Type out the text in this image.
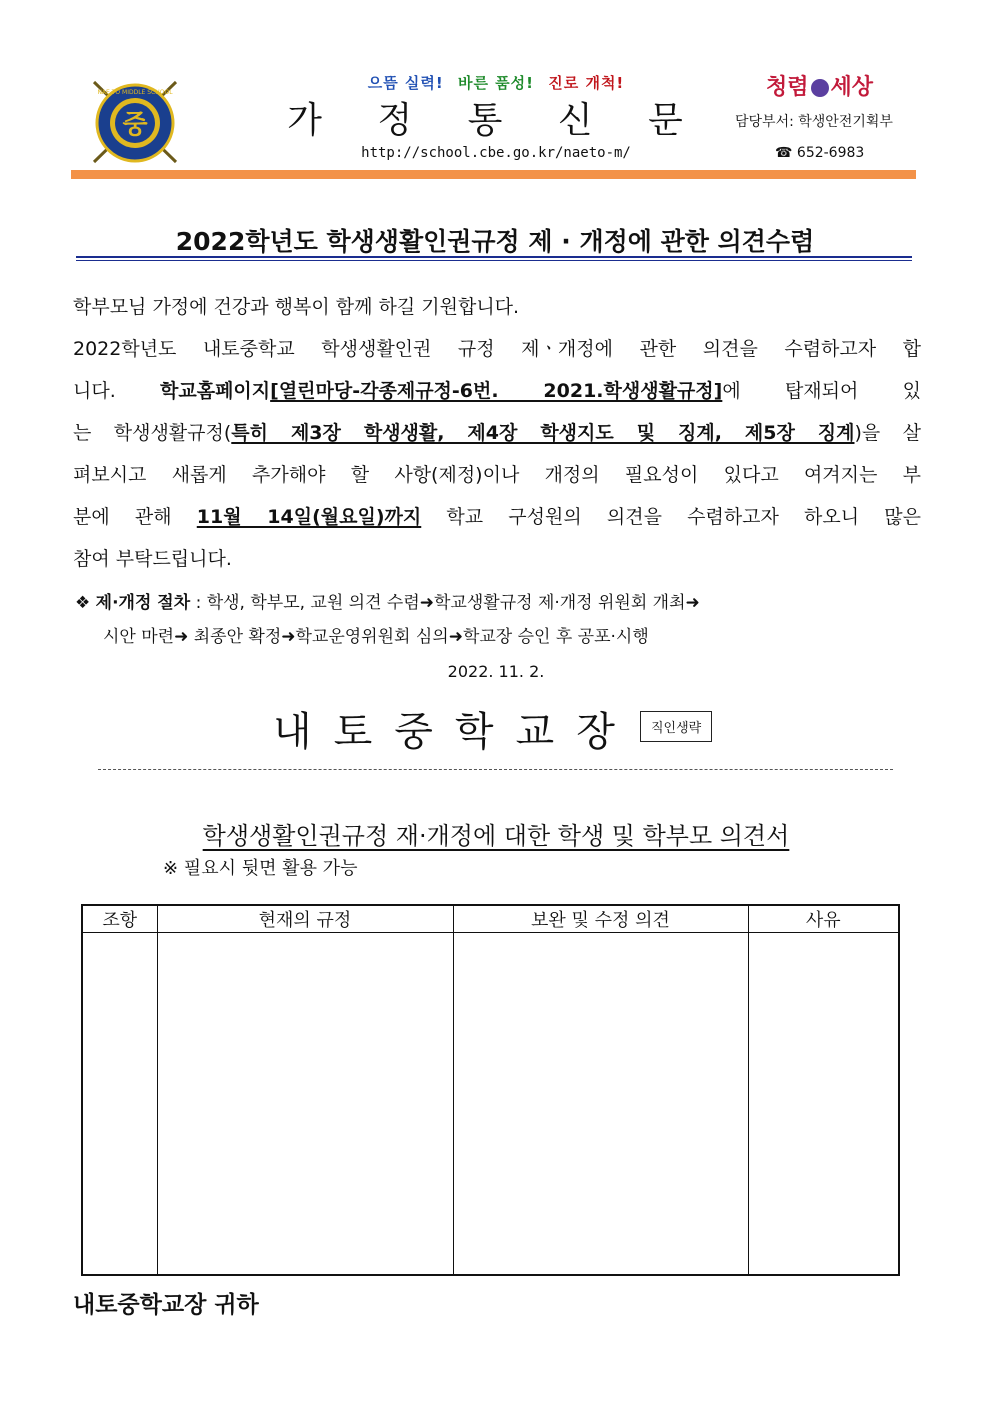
중
NAE TO MIDDLE SCHOOL
으뜸 실력! 바른 품성! 진로 개척!
가 정 통 신 문
http://school.cbe.go.kr/naeto-m/
청렴 세상
담당부서: 학생안전기획부
☎ 652-6983
2022학년도 학생생활인권규정 제 · 개정에 관한 의견수렴

학부모님 가정에 건강과 행복이 함께 하길 기원합니다.

2022학년도 내토중학교 학생생활인권 규정 제ㆍ개정에 관한 의견을 수렴하고자 합

니다. 학교홈페이지[열린마당-각종제규정-6번. 2021.학생생활규정]에 탑재되어 있

는 학생생활규정(특히 제3장 학생생활, 제4장 학생지도 및 징계, 제5장 징계)을 살

펴보시고 새롭게 추가해야 할 사항(제정)이나 개정의 필요성이 있다고 여겨지는 부

분에 관해 11월 14일(월요일)까지 학교 구성원의 의견을 수렴하고자 하오니 많은

참여 부탁드립니다.

❖ 제·개정 절차 : 학생, 학부모, 교원 의견 수렴➜학교생활규정 제·개정 위원회 개최➜
시안 마련➜ 최종안 확정➜학교운영위원회 심의➜학교장 승인 후 공포·시행
2022. 11. 2.
내토중학교장	직인생략
학생생활인권규정 재·개정에 대한 학생 및 학부모 의견서
※ 필요시 뒷면 활용 가능
조항	현재의 규정	보완 및 수정 의견	사유

내토중학교장 귀하
